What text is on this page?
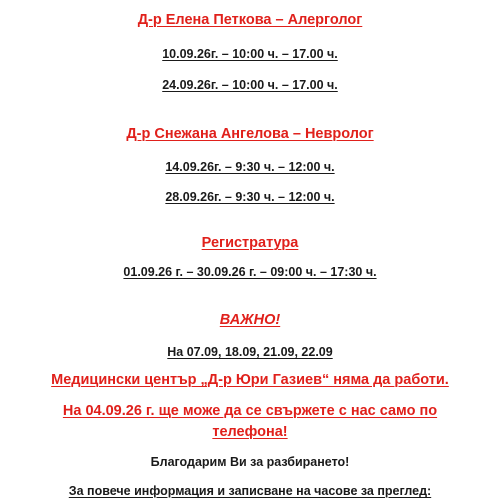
Д-р Елена Петкова – Алерголог
10.09.26г. – 10:00 ч. – 17.00 ч.
24.09.26г. – 10:00 ч. – 17.00 ч.
Д-р Снежана Ангелова – Невролог
14.09.26г. – 9:30 ч. – 12:00 ч.
28.09.26г. – 9:30 ч. – 12:00 ч.
Регистратура
01.09.26 г. – 30.09.26 г. – 09:00 ч. – 17:30 ч.
ВАЖНО!
На 07.09, 18.09, 21.09, 22.09
Медицински център „Д-р Юри Газиев“ няма да работи.
На 04.09.26 г. ще може да се свържете с нас само по
телефона!
Благодарим Ви за разбирането!
За повече информация и записване на часове за преглед:
